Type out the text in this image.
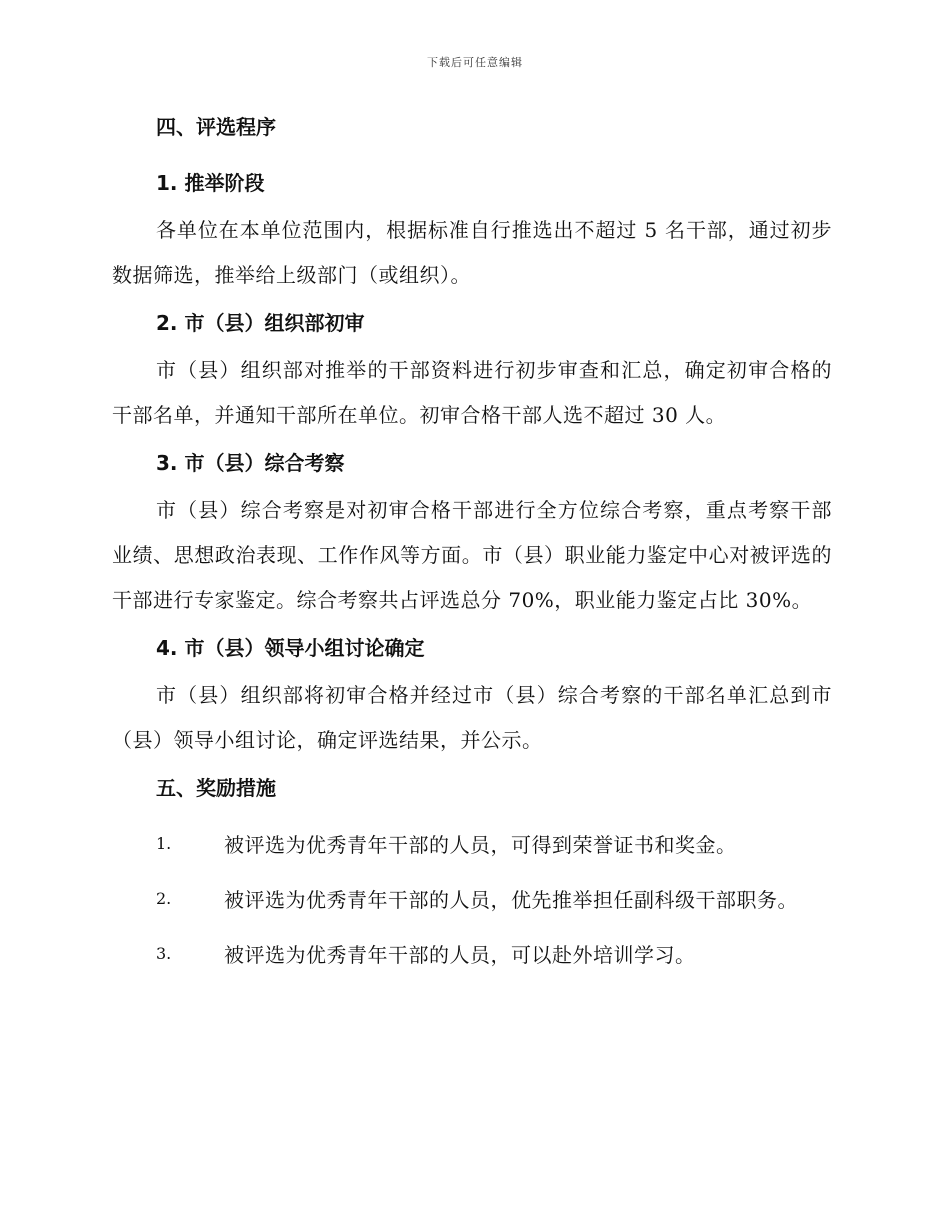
下载后可任意编辑
四、评选程序
1. 推举阶段

各单位在本单位范围内，根据标准自行推选出不超过 5 名干部，通过初步数据筛选，推举给上级部门（或组织）。

2. 市（县）组织部初审

市（县）组织部对推举的干部资料进行初步审查和汇总，确定初审合格的干部名单，并通知干部所在单位。初审合格干部人选不超过 30 人。

3. 市（县）综合考察

市（县）综合考察是对初审合格干部进行全方位综合考察，重点考察干部业绩、思想政治表现、工作作风等方面。市（县）职业能力鉴定中心对被评选的干部进行专家鉴定。综合考察共占评选总分 70%，职业能力鉴定占比 30%。

4. 市（县）领导小组讨论确定

市（县）组织部将初审合格并经过市（县）综合考察的干部名单汇总到市（县）领导小组讨论，确定评选结果，并公示。

五、奖励措施
1.	被评选为优秀青年干部的人员，可得到荣誉证书和奖金。
2.	被评选为优秀青年干部的人员，优先推举担任副科级干部职务。
3.	被评选为优秀青年干部的人员，可以赴外培训学习。
